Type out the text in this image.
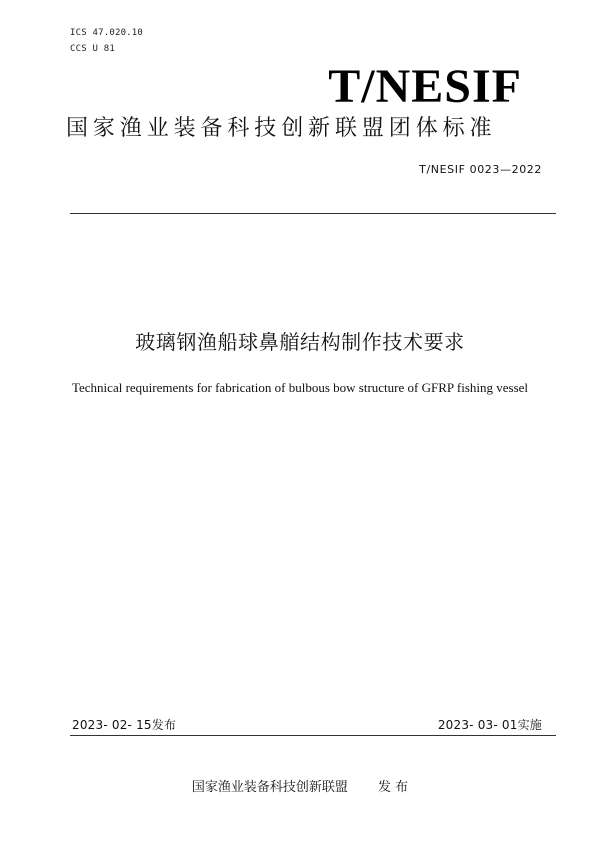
ICS 47.020.10
CCS U 81
T/NESIF
国家渔业装备科技创新联盟团体标准
T/NESIF 0023—2022
玻璃钢渔船球鼻艏结构制作技术要求
Technical requirements for fabrication of bulbous bow structure of GFRP fishing vessel
2023- 02- 15发布	2023- 03- 01实施
国家渔业装备科技创新联盟 发 布
